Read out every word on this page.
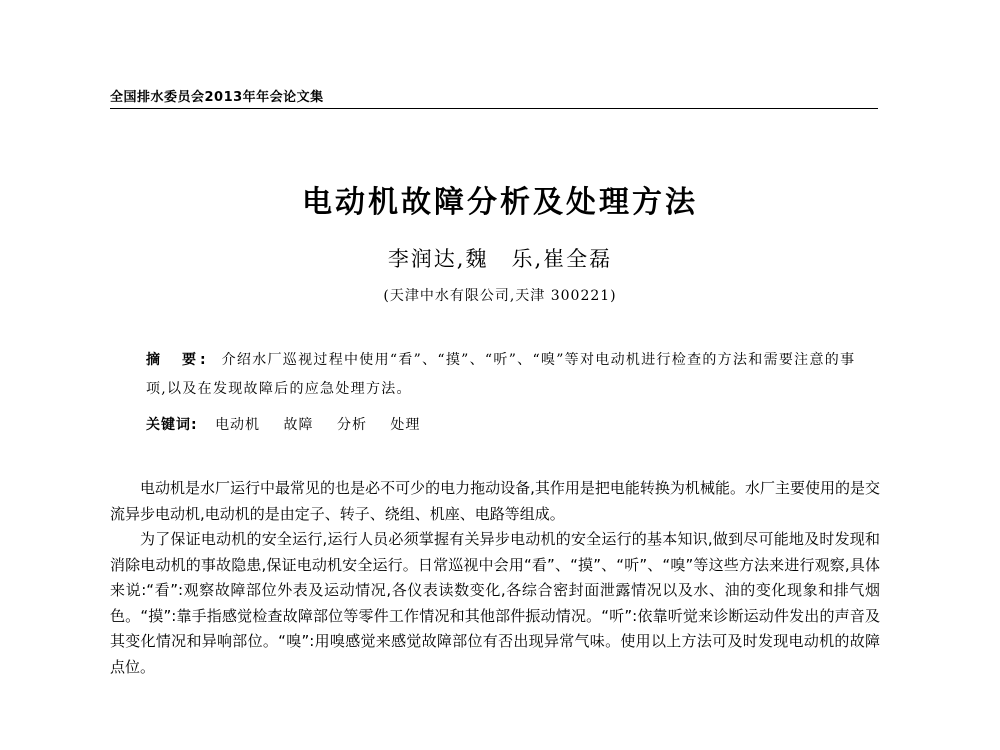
全国排水委员会2013年年会论文集
电动机故障分析及处理方法
李润达,魏　乐,崔全磊
(天津中水有限公司,天津 300221)
摘　要: 介绍水厂巡视过程中使用“看”、“摸”、“听”、“嗅”等对电动机进行检查的方法和需要注意的事项,以及在发现故障后的应急处理方法。
关键词: 电动机 故障 分析 处理

电动机是水厂运行中最常见的也是必不可少的电力拖动设备,其作用是把电能转换为机械能。水厂主要使用的是交流异步电动机,电动机的是由定子、转子、绕组、机座、电路等组成。

为了保证电动机的安全运行,运行人员必须掌握有关异步电动机的安全运行的基本知识,做到尽可能地及时发现和消除电动机的事故隐患,保证电动机安全运行。日常巡视中会用“看”、“摸”、“听”、“嗅”等这些方法来进行观察,具体来说:“看”:观察故障部位外表及运动情况,各仪表读数变化,各综合密封面泄露情况以及水、油的变化现象和排气烟色。“摸”:靠手指感觉检查故障部位等零件工作情况和其他部件振动情况。“听”:依靠听觉来诊断运动件发出的声音及其变化情况和异响部位。“嗅”:用嗅感觉来感觉故障部位有否出现异常气味。使用以上方法可及时发现电动机的故障点位。
